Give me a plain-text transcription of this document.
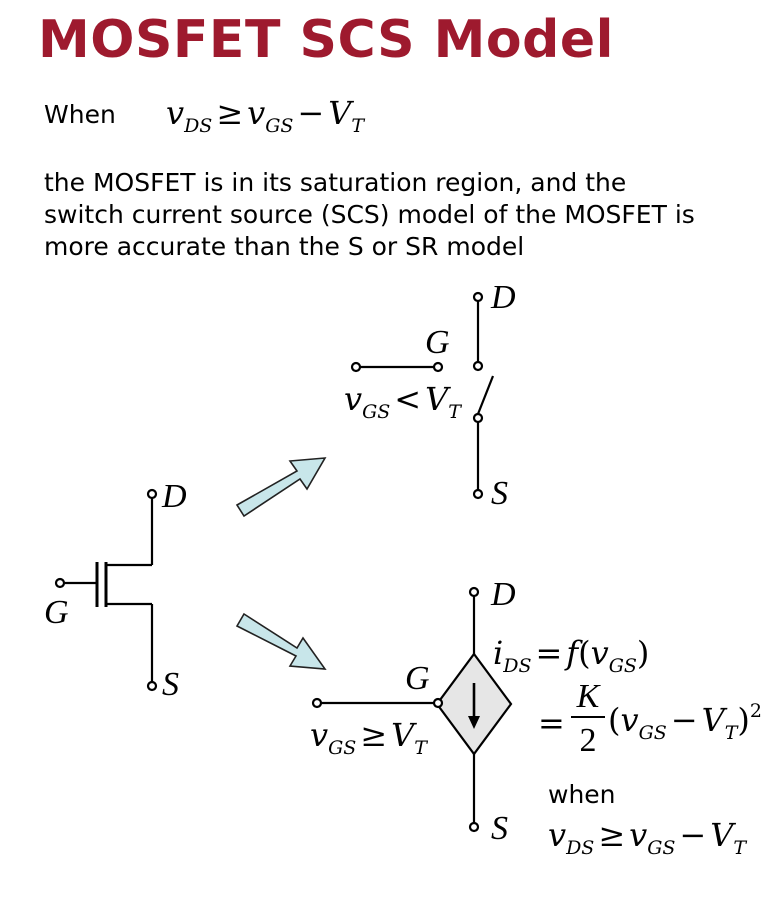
MOSFET SCS Model
When $v_{DS} \ge v_{GS} - V_T$
the MOSFET is in its saturation region, and the
switch current source (SCS) model of the MOSFET is
more accurate than the S or SR model
D
G
S
D
G
S
$v_{GS} < V_T$
D
G
S
$v_{GS} \ge V_T$
$i_{DS} = f(v_{GS})$
=
K
2
$(v_{GS} - V_T)^2$
when
$v_{DS} \ge v_{GS} - V_T$
